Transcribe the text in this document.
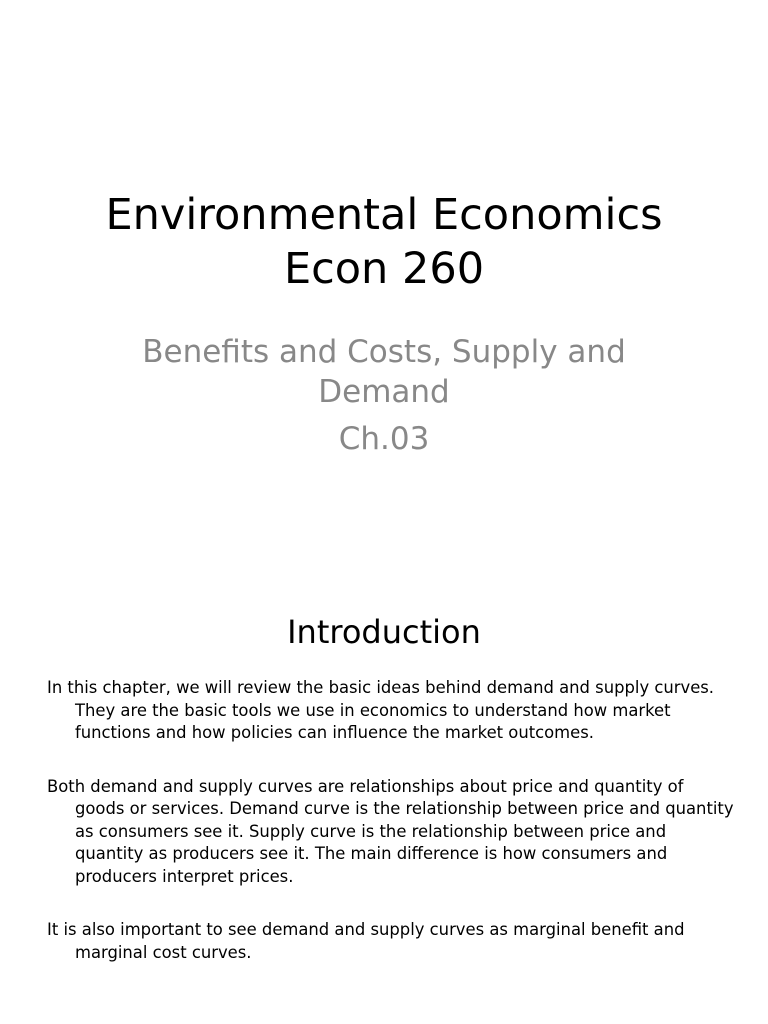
Environmental Economics
Econ 260
Benefits and Costs, Supply and
Demand
Ch.03
Introduction

In this chapter, we will review the basic ideas behind demand and supply curves. They are the basic tools we use in economics to understand how market functions and how policies can influence the market outcomes.

Both demand and supply curves are relationships about price and quantity of goods or services. Demand curve is the relationship between price and quantity as consumers see it. Supply curve is the relationship between price and quantity as producers see it. The main difference is how consumers and producers interpret prices.

It is also important to see demand and supply curves as marginal benefit and marginal cost curves.
